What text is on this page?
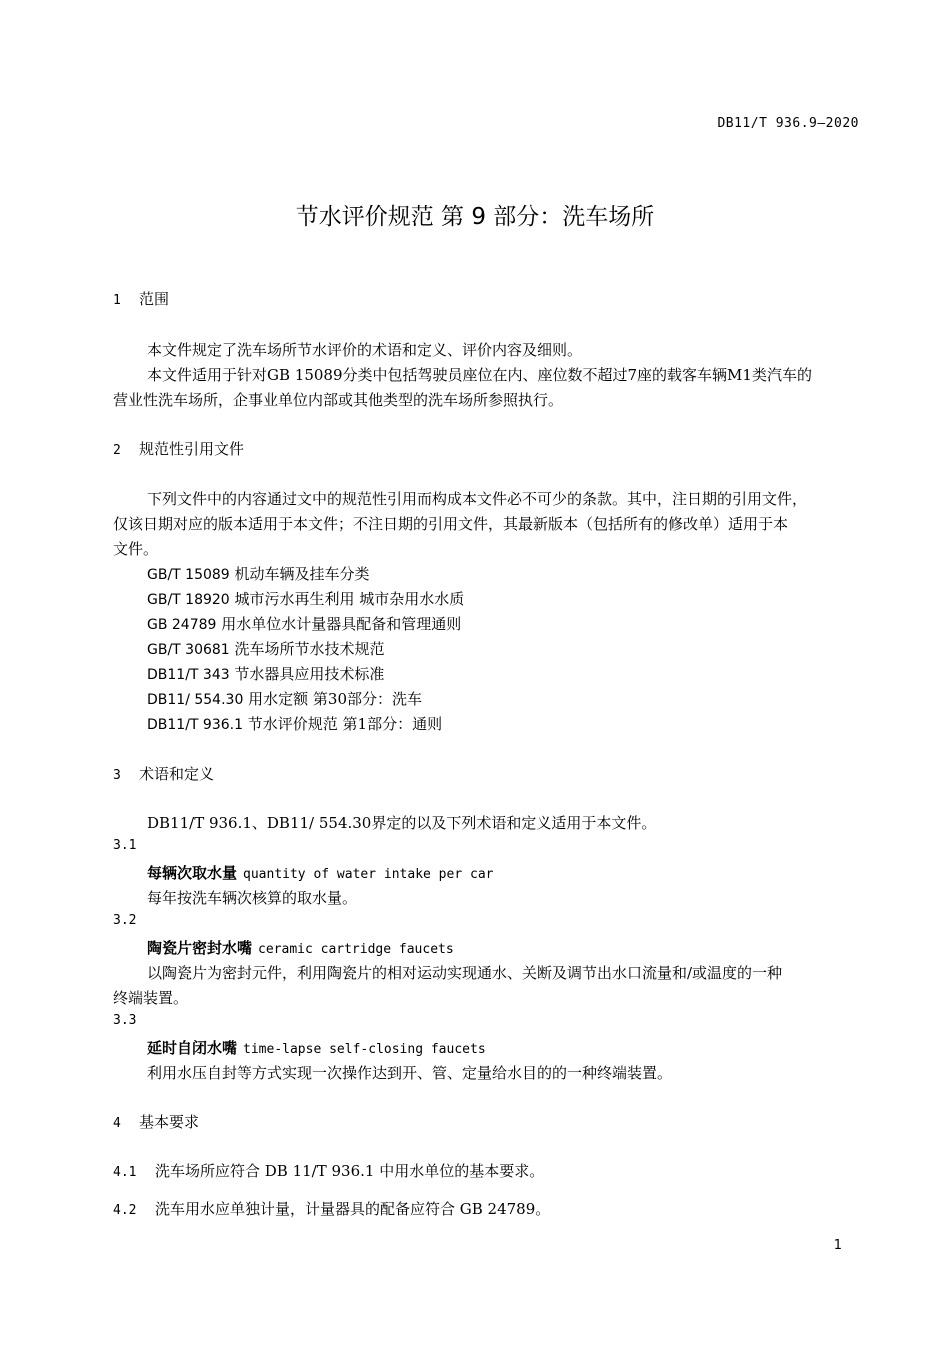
DB11/T 936.9—2020
节水评价规范 第 9 部分：洗车场所
1 范围
本文件规定了洗车场所节水评价的术语和定义、评价内容及细则。
本文件适用于针对GB 15089分类中包括驾驶员座位在内、座位数不超过7座的载客车辆M1类汽车的
营业性洗车场所，企事业单位内部或其他类型的洗车场所参照执行。
2 规范性引用文件
下列文件中的内容通过文中的规范性引用而构成本文件必不可少的条款。其中，注日期的引用文件，
仅该日期对应的版本适用于本文件；不注日期的引用文件，其最新版本（包括所有的修改单）适用于本
文件。
GB/T 15089 机动车辆及挂车分类
GB/T 18920 城市污水再生利用 城市杂用水水质
GB 24789 用水单位水计量器具配备和管理通则
GB/T 30681 洗车场所节水技术规范
DB11/T 343 节水器具应用技术标准
DB11/ 554.30 用水定额 第30部分：洗车
DB11/T 936.1 节水评价规范 第1部分：通则
3 术语和定义
DB11/T 936.1、DB11/ 554.30界定的以及下列术语和定义适用于本文件。
3.1
每辆次取水量 quantity of water intake per car
每年按洗车辆次核算的取水量。
3.2
陶瓷片密封水嘴 ceramic cartridge faucets
以陶瓷片为密封元件，利用陶瓷片的相对运动实现通水、关断及调节出水口流量和/或温度的一种
终端装置。
3.3
延时自闭水嘴 time-lapse self-closing faucets
利用水压自封等方式实现一次操作达到开、管、定量给水目的的一种终端装置。
4 基本要求
4.1 洗车场所应符合 DB 11/T 936.1 中用水单位的基本要求。
4.2 洗车用水应单独计量，计量器具的配备应符合 GB 24789。
1
